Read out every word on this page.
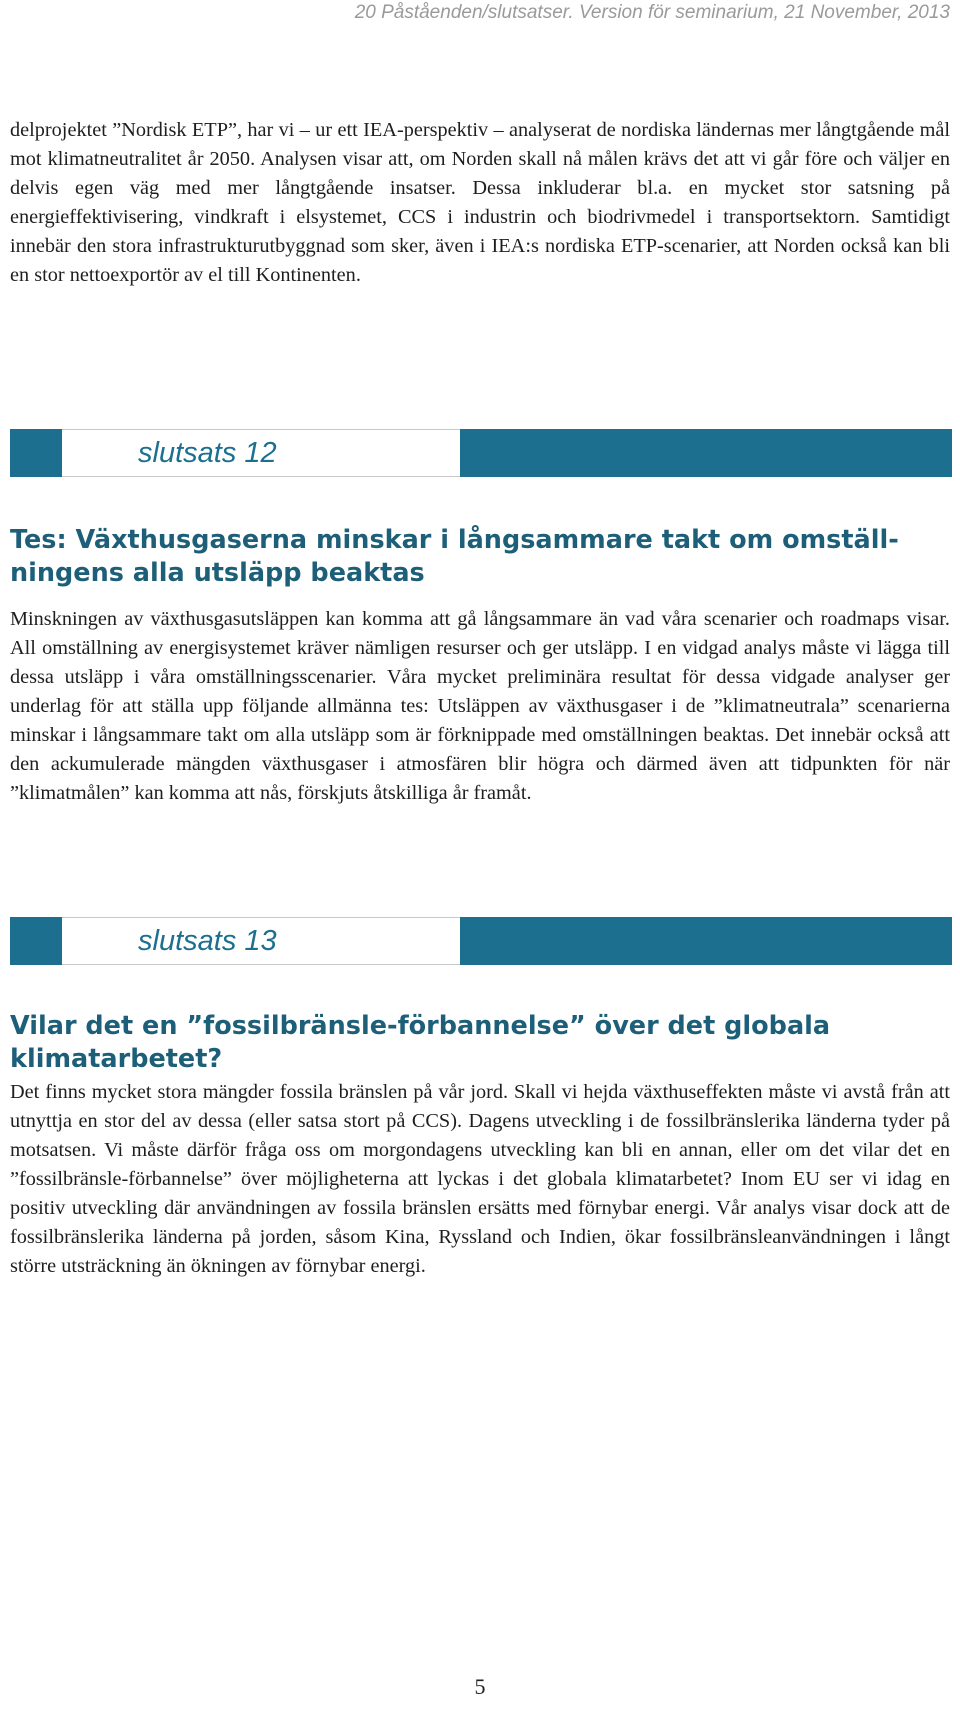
20 Påståenden/slutsatser. Version för seminarium, 21 November, 2013

delprojektet ”Nordisk ETP”, har vi – ur ett IEA-perspektiv – analyserat de nordiska ländernas mer långtgående mål mot klimatneutralitet år 2050. Analysen visar att, om Norden skall nå målen krävs det att vi går före och väljer en delvis egen väg med mer långtgående insatser. Dessa inkluderar bl.a. en mycket stor satsning på energieffektivisering, vindkraft i elsystemet, CCS i industrin och biodrivmedel i transportsektorn. Samtidigt innebär den stora infrastrukturutbyggnad som sker, även i IEA:s nordiska ETP-scenarier, att Norden också kan bli en stor nettoexportör av el till Kontinenten.

slutsats 12
Tes: Växthusgaserna minskar i långsammare takt om omställningens alla utsläpp beaktas

Minskningen av växthusgasutsläppen kan komma att gå långsammare än vad våra scenarier och roadmaps visar. All omställning av energisystemet kräver nämligen resurser och ger utsläpp. I en vidgad analys måste vi lägga till dessa utsläpp i våra omställningsscenarier. Våra mycket preliminära resultat för dessa vidgade analyser ger underlag för att ställa upp följande allmänna tes: Utsläppen av växthusgaser i de ”klimatneutrala” scenarierna minskar i långsammare takt om alla utsläpp som är förknippade med omställningen beaktas. Det innebär också att den ackumulerade mängden växthusgaser i atmosfären blir högra och därmed även att tidpunkten för när ”klimatmålen” kan komma att nås, förskjuts åtskilliga år framåt.

slutsats 13
Vilar det en ”fossilbränsle-förbannelse” över det globala klimatarbetet?

Det finns mycket stora mängder fossila bränslen på vår jord. Skall vi hejda växthuseffekten måste vi avstå från att utnyttja en stor del av dessa (eller satsa stort på CCS). Dagens utveckling i de fossilbränslerika länderna tyder på motsatsen. Vi måste därför fråga oss om morgondagens utveckling kan bli en annan, eller om det vilar det en ”fossilbränsle-förbannelse” över möjligheterna att lyckas i det globala klimatarbetet? Inom EU ser vi idag en positiv utveckling där användningen av fossila bränslen ersätts med förnybar energi. Vår analys visar dock att de fossilbränslerika länderna på jorden, såsom Kina, Ryssland och Indien, ökar fossilbränsleanvändningen i långt större utsträckning än ökningen av förnybar energi.

5
